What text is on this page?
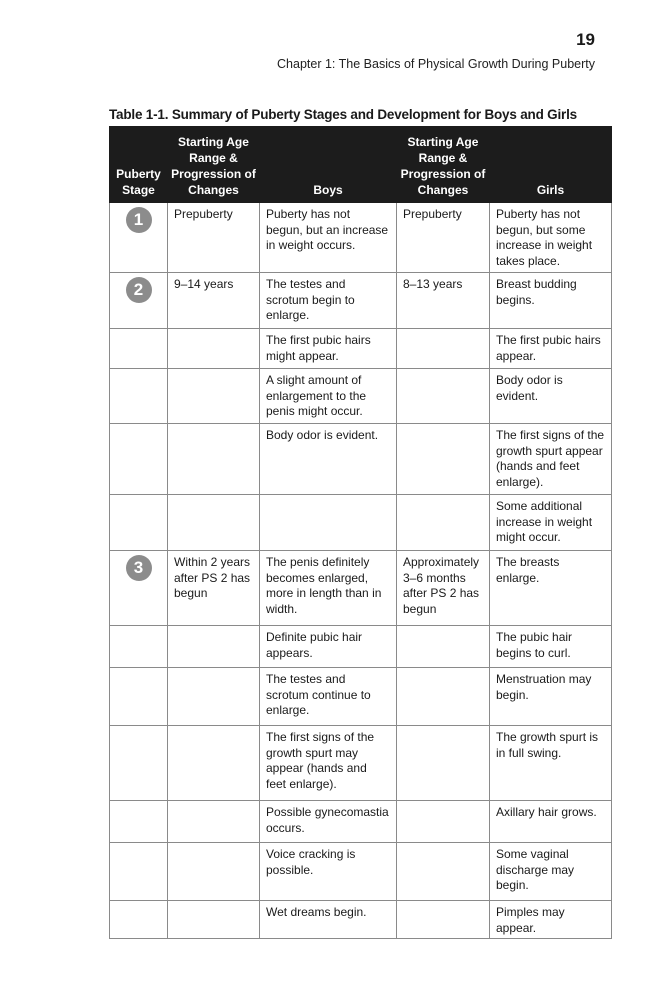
19
Chapter 1: The Basics of Physical Growth During Puberty
Table 1-1. Summary of Puberty Stages and Development for Boys and Girls
Puberty Stage	Starting Age Range & Progression of Changes	Boys	Starting Age Range & Progression of Changes	Girls
1	Prepuberty	Puberty has not begun, but an increase in weight occurs.	Prepuberty	Puberty has not begun, but some increase in weight takes place.
2	9–14 years	The testes and scrotum begin to enlarge.	8–13 years	Breast budding begins.
		The first pubic hairs might appear.		The first pubic hairs appear.
		A slight amount of enlargement to the penis might occur.		Body odor is evident.
		Body odor is evident.		The first signs of the growth spurt appear (hands and feet enlarge).
				Some additional increase in weight might occur.
3	Within 2 years after PS 2 has begun	The penis definitely becomes enlarged, more in length than in width.	Approximately 3–6 months after PS 2 has begun	The breasts enlarge.
		Definite pubic hair appears.		The pubic hair begins to curl.
		The testes and scrotum continue to enlarge.		Menstruation may begin.
		The first signs of the growth spurt may appear (hands and feet enlarge).		The growth spurt is in full swing.
		Possible gynecomastia occurs.		Axillary hair grows.
		Voice cracking is possible.		Some vaginal discharge may begin.
		Wet dreams begin.		Pimples may appear.
